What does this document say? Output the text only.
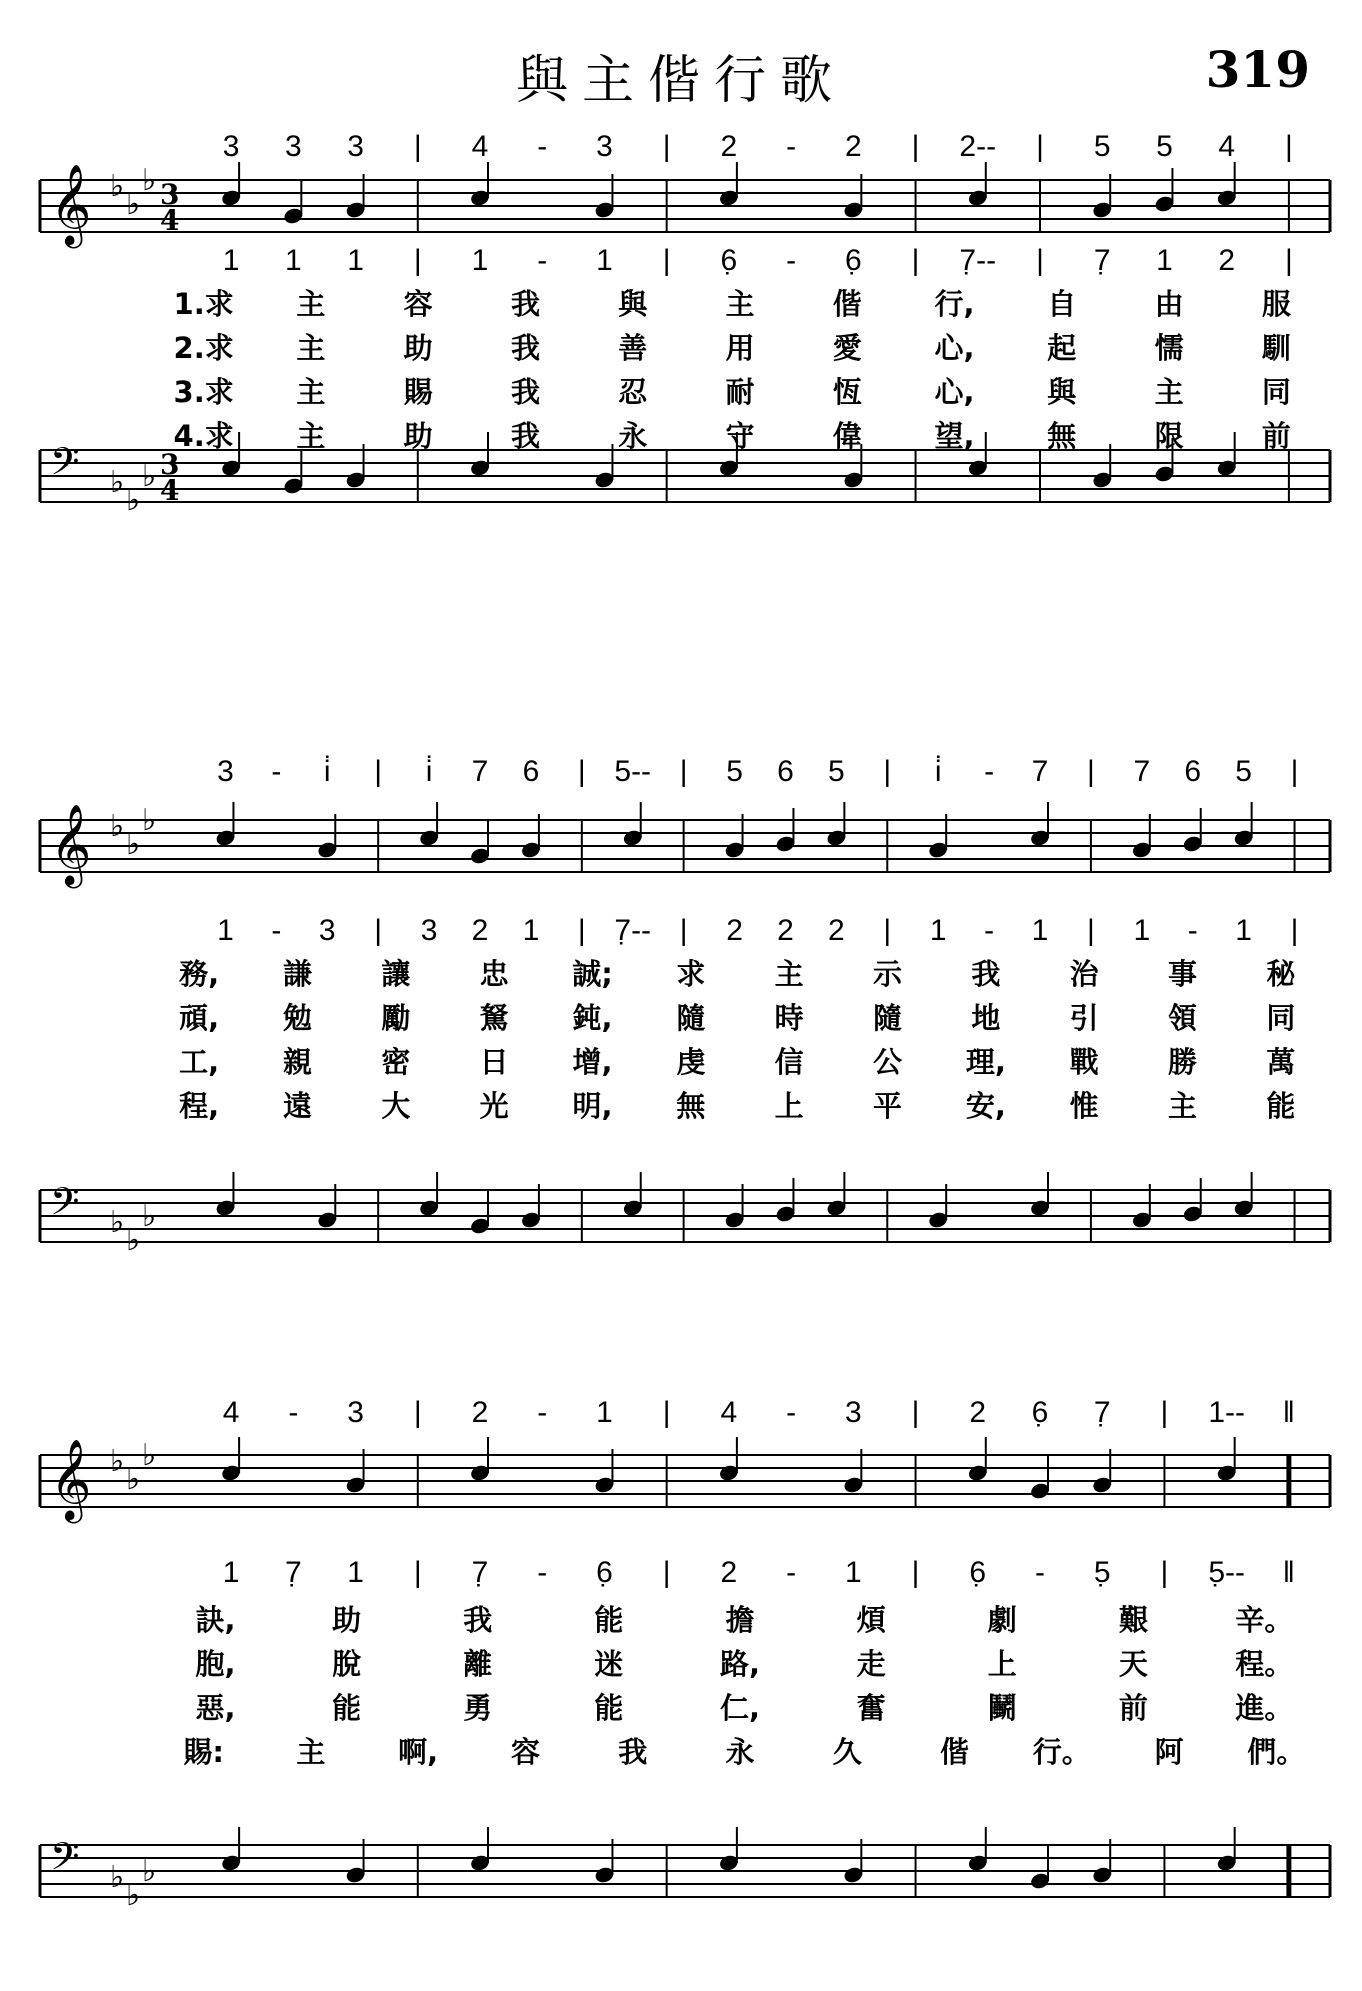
與主偕行歌	319
3 3 3 | 4 - 3 | 2 - 2 | 2-- | 5 5 4 |
𝄞 ♭
♭
♭ 3
4
1 1 1 | 1 - 1 | 6̣ - 6̣ | 7̣-- | 7̣ 1 2 |
𝄢 ♭
♭
♭ 3
4
3 - i̇ | i̇ 7 6 | 5-- | 5 6 5 | i̇ - 7 | 7 6 5 |
𝄞 ♭
♭
♭
1 - 3 | 3 2 1 | 7̣-- | 2 2 2 | 1 - 1 | 1 - 1 |
𝄢 ♭
♭
♭
4 - 3 | 2 - 1 | 4 - 3 | 2 6̣ 7̣ | 1-- ‖
𝄞 ♭
♭
♭
1 7̣ 1 | 7̣ - 6̣ | 2 - 1 | 6̣ - 5̣ | 5̣-- ‖
𝄢 ♭
♭
♭
1.求 主	容	我	與	主	偕	行,	自	由	服
2.求 主	助	我	善	用	愛	心,	起	懦	馴
3.求 主	賜	我	忍	耐	恆	心,	與	主	同
4.求 主	助	我	永	守	偉	望,	無	限	前
務, 謙 讓 忠 誠; 求 主 示 我 治 事 秘
頑, 勉 勵 駑 鈍, 隨 時 隨 地 引 領 同
工, 親 密 日 增, 虔 信 公 理, 戰 勝 萬
程, 遠 大 光 明, 無 上 平 安, 惟 主 能
訣,	助	我	能	擔	煩	劇	艱	辛。
胞,	脫	離	迷	路,	走	上	天	程。
惡,	能	勇	能	仁,	奮	鬭	前	進。
賜: 主	啊,	容	我	永	久	偕 行。 阿 們。
